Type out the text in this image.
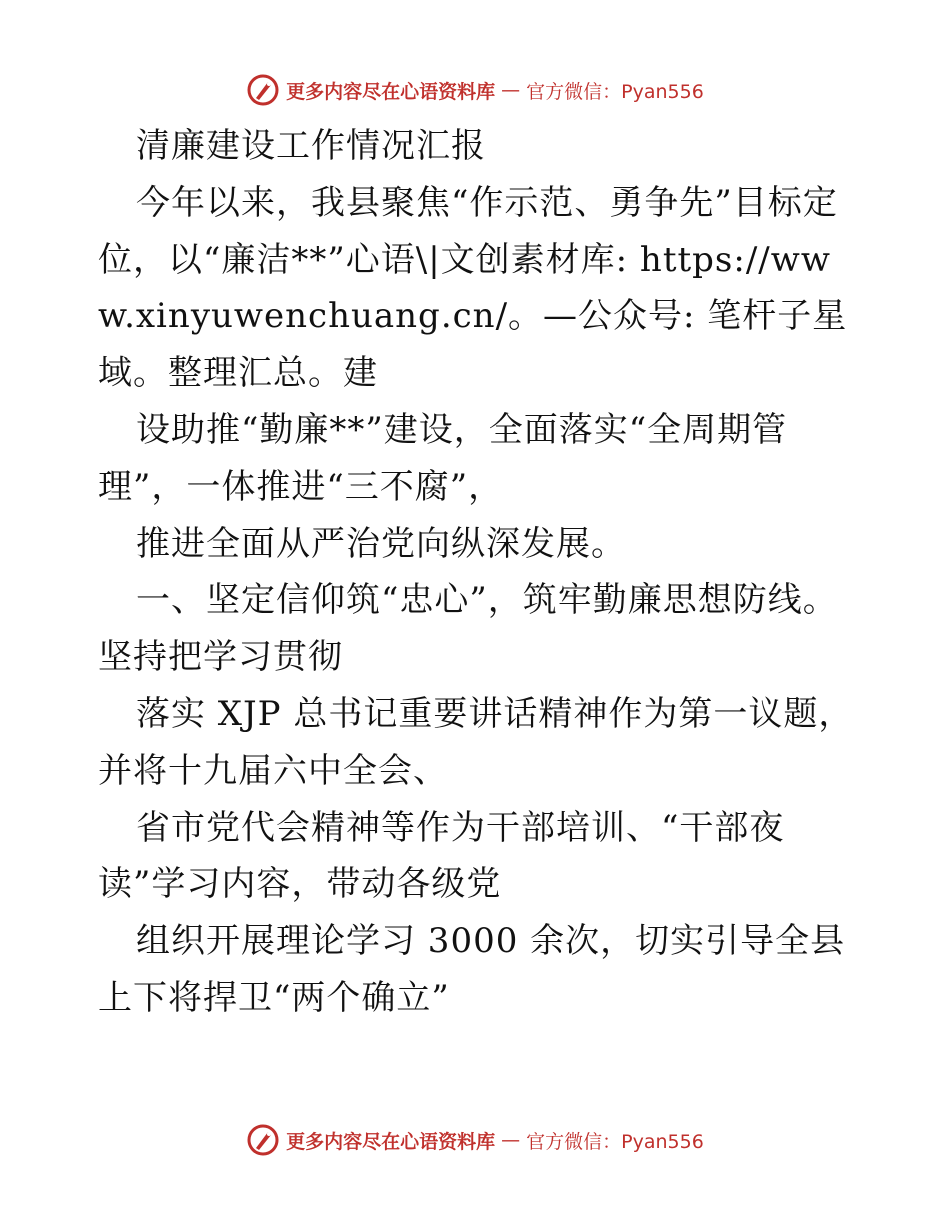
更多内容尽在心语资料库 — 官方微信：Pyan556

清廉建设工作情况汇报

今年以来，我县聚焦“作示范、勇争先”目标定位，以“廉洁**”心语\|文创素材库: https://www.xinyuwenchuang.cn/。—公众号: 笔杆子星域。整理汇总。建

设助推“勤廉**”建设，全面落实“全周期管理”，一体推进“三不腐”，

推进全面从严治党向纵深发展。

一、坚定信仰筑“忠心”，筑牢勤廉思想防线。坚持把学习贯彻

落实 XJP 总书记重要讲话精神作为第一议题，并将十九届六中全会、

省市党代会精神等作为干部培训、“干部夜读”学习内容，带动各级党

组织开展理论学习 3000 余次，切实引导全县上下将捍卫“两个确立”

更多内容尽在心语资料库 — 官方微信：Pyan556
